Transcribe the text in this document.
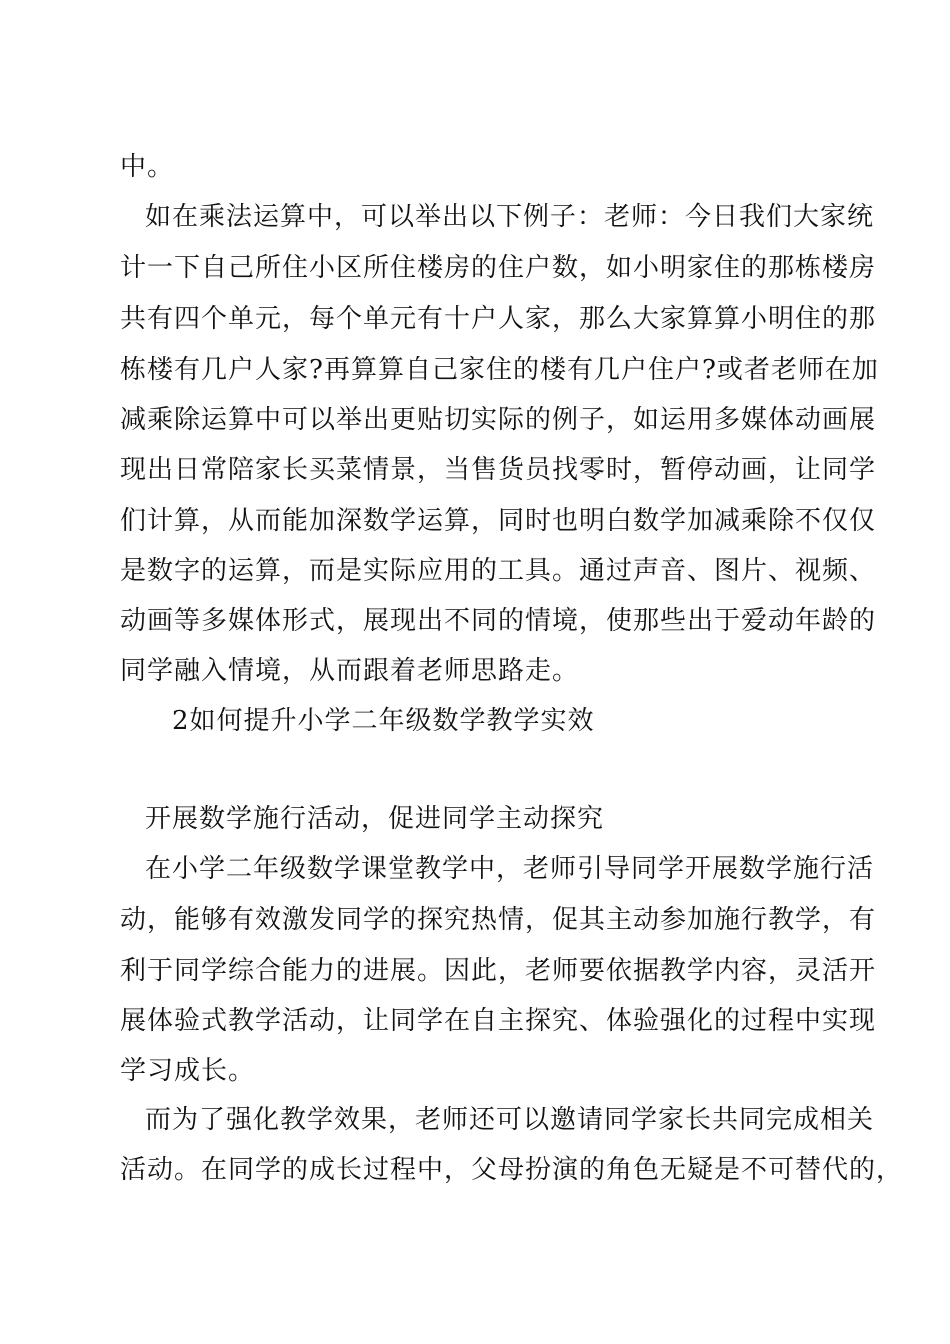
中。
如在乘法运算中，可以举出以下例子：老师：今日我们大家统
计一下自己所住小区所住楼房的住户数，如小明家住的那栋楼房
共有四个单元，每个单元有十户人家，那么大家算算小明住的那
栋楼有几户人家?再算算自己家住的楼有几户住户?或者老师在加
减乘除运算中可以举出更贴切实际的例子，如运用多媒体动画展
现出日常陪家长买菜情景，当售货员找零时，暂停动画，让同学
们计算，从而能加深数学运算，同时也明白数学加减乘除不仅仅
是数字的运算，而是实际应用的工具。通过声音、图片、视频、
动画等多媒体形式，展现出不同的情境，使那些出于爱动年龄的
同学融入情境，从而跟着老师思路走。
2如何提升小学二年级数学教学实效
开展数学施行活动，促进同学主动探究
在小学二年级数学课堂教学中，老师引导同学开展数学施行活
动，能够有效激发同学的探究热情，促其主动参加施行教学，有
利于同学综合能力的进展。因此，老师要依据教学内容，灵活开
展体验式教学活动，让同学在自主探究、体验强化的过程中实现
学习成长。
而为了强化教学效果，老师还可以邀请同学家长共同完成相关
活动。在同学的成长过程中，父母扮演的角色无疑是不可替代的，
